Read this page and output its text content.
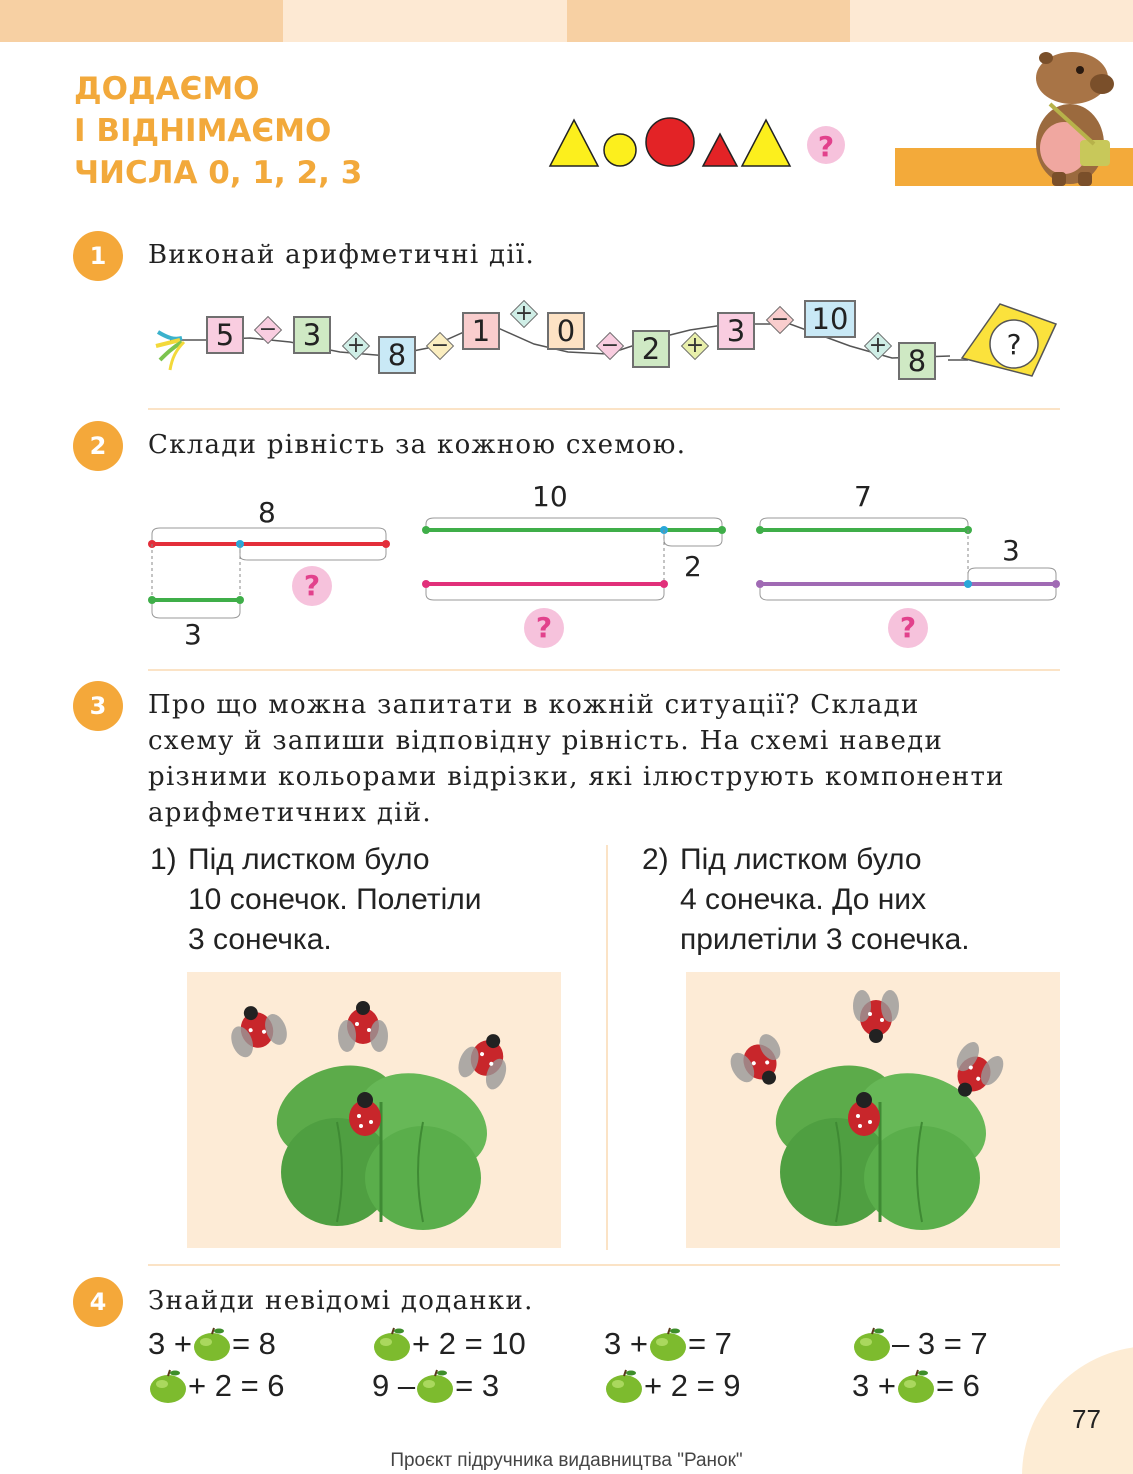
ДОДАЄМО
І ВІДНІМАЄМО
ЧИСЛА 0, 1, 2, 3
?
1	Виконай арифметичні дії.
5	− 3	+ 8	− 1
+
0	− 2	+ 3	− 10
+ 8	?
2	Склади рівність за кожною схемою.
8
3
?
10
2
?
7
3
?
3	Про що можна запитати в кожній ситуації? Склади
схему й запиши відповідну рівність. На схемі наведи
різними кольорами відрізки, які ілюструють компоненти
арифметичних дій.
1) Під листком було
10 сонечок. Полетіли
3 сонечка.
2) Під листком було
4 сонечка. До них
прилетіли 3 сонечка.
4	Знайди невідомі доданки.
3 + = 8	+ 2 = 10	3 + = 7	– 3 = 7
+ 2 = 6	9 – = 3	+ 2 = 9	3 + = 6
77
Проєкт підручника видавництва "Ранок"
